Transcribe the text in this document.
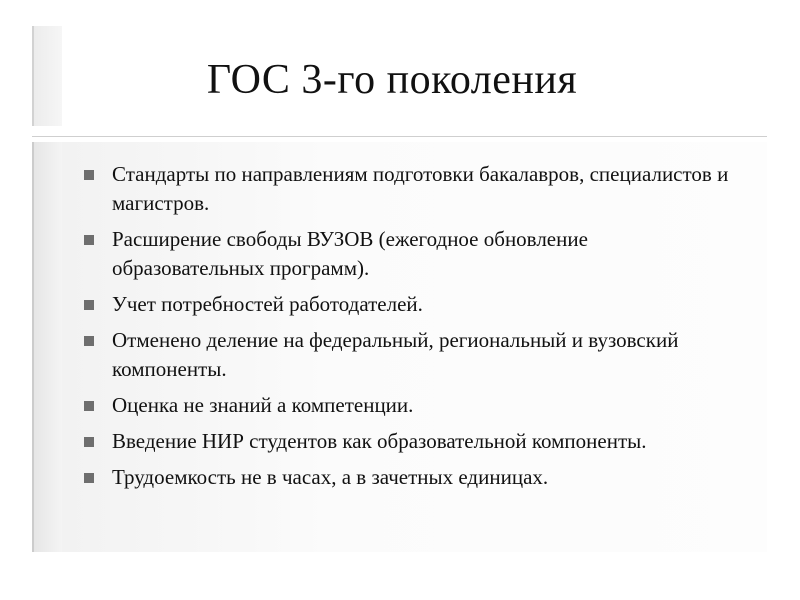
ГОС 3-го поколения
Стандарты по направлениям подготовки бакалавров, специалистов и магистров.
Расширение свободы ВУЗОВ (ежегодное обновление образовательных программ).
Учет потребностей работодателей.
Отменено деление на федеральный, региональный и вузовский компоненты.
Оценка не знаний а компетенции.
Введение НИР студентов как образовательной компоненты.
Трудоемкость не в часах, а в зачетных единицах.
